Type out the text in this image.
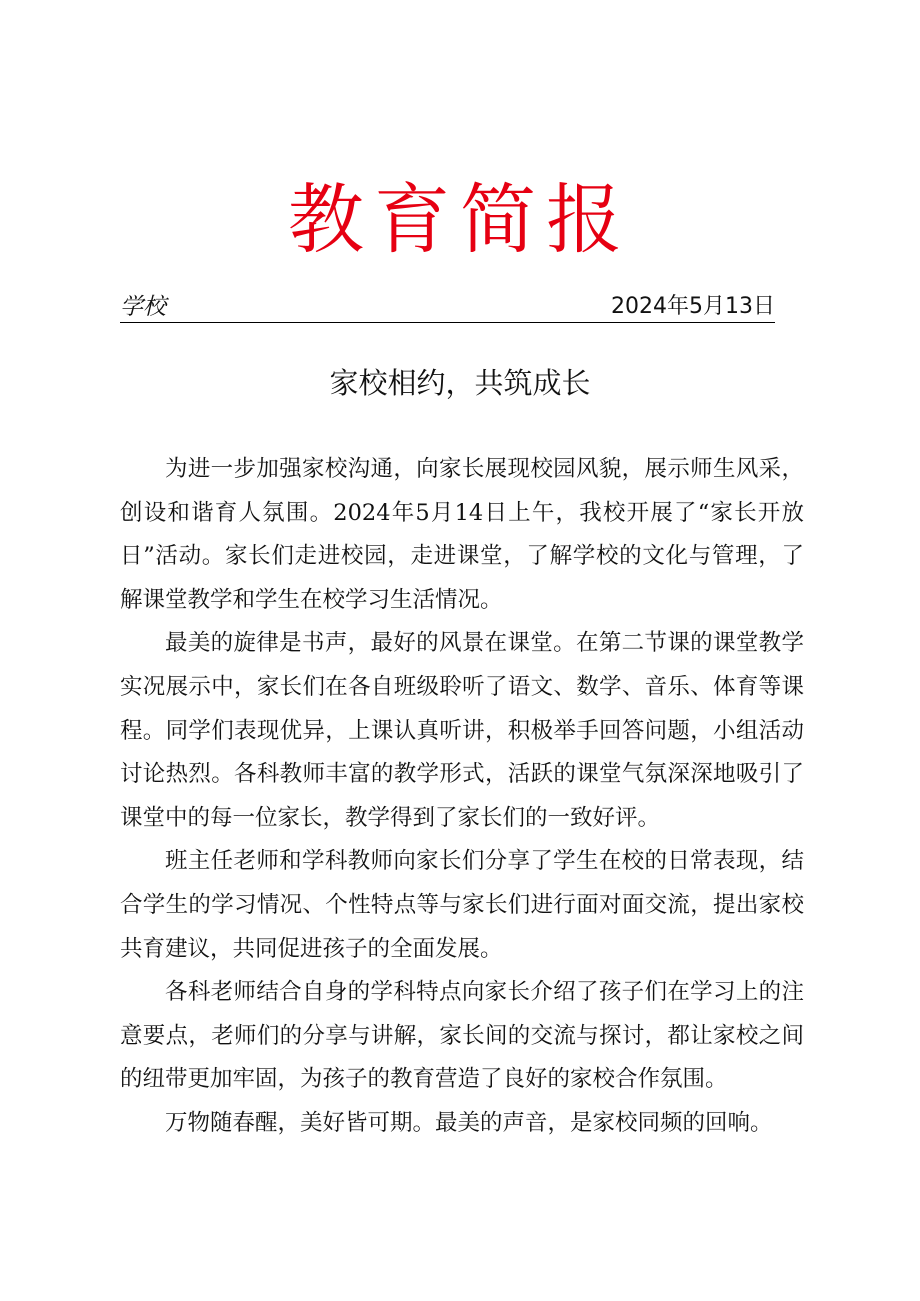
教育简报
学校	2024年5月13日
家校相约，共筑成长

为进一步加强家校沟通，向家长展现校园风貌，展示师生风采，创设和谐育人氛围。2024年5月14日上午，我校开展了“家长开放日”活动。家长们走进校园，走进课堂，了解学校的文化与管理，了解课堂教学和学生在校学习生活情况。

最美的旋律是书声，最好的风景在课堂。在第二节课的课堂教学实况展示中，家长们在各自班级聆听了语文、数学、音乐、体育等课程。同学们表现优异，上课认真听讲，积极举手回答问题，小组活动讨论热烈。各科教师丰富的教学形式，活跃的课堂气氛深深地吸引了课堂中的每一位家长，教学得到了家长们的一致好评。

班主任老师和学科教师向家长们分享了学生在校的日常表现，结合学生的学习情况、个性特点等与家长们进行面对面交流，提出家校共育建议，共同促进孩子的全面发展。

各科老师结合自身的学科特点向家长介绍了孩子们在学习上的注意要点，老师们的分享与讲解，家长间的交流与探讨，都让家校之间的纽带更加牢固，为孩子的教育营造了良好的家校合作氛围。

万物随春醒，美好皆可期。最美的声音，是家校同频的回响。
